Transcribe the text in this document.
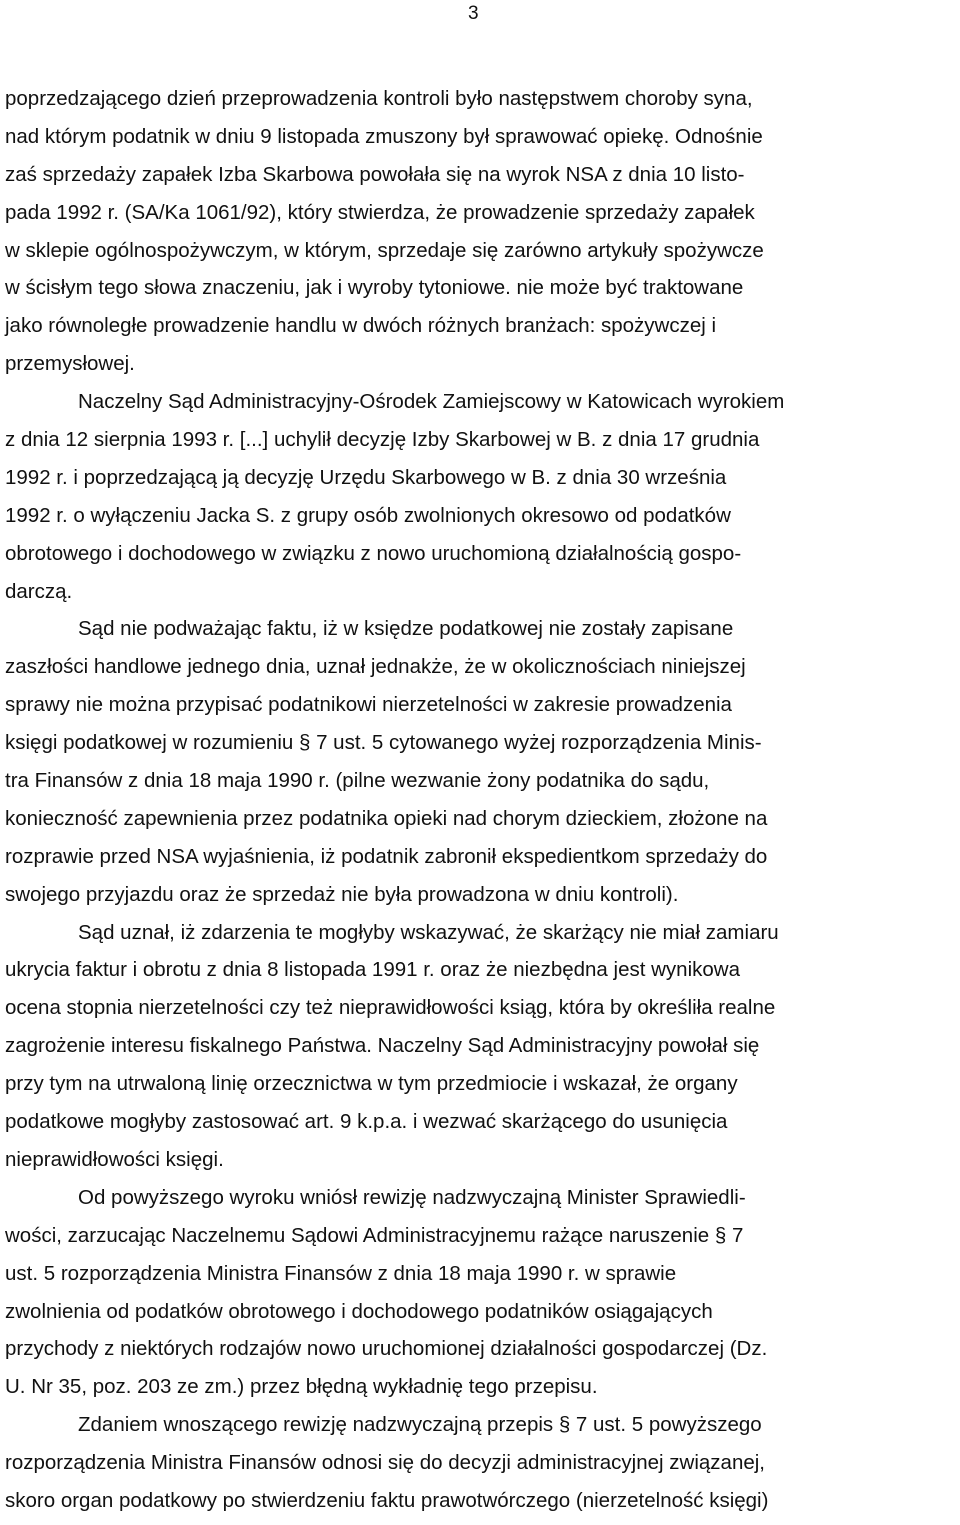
3
poprzedzającego dzień przeprowadzenia kontroli było następstwem choroby syna,
nad którym podatnik w dniu 9 listopada zmuszony był sprawować opiekę. Odnośnie
zaś sprzedaży zapałek Izba Skarbowa powołała się na wyrok NSA z dnia 10 listo-
pada 1992 r. (SA/Ka 1061/92), który stwierdza, że prowadzenie sprzedaży zapałek
w sklepie ogólnospożywczym, w którym, sprzedaje się zarówno artykuły spożywcze
w ścisłym tego słowa znaczeniu, jak i wyroby tytoniowe. nie może być traktowane
jako równoległe prowadzenie handlu w dwóch różnych branżach: spożywczej i
przemysłowej.
Naczelny Sąd Administracyjny-Ośrodek Zamiejscowy w Katowicach wyrokiem
z dnia 12 sierpnia 1993 r. [...] uchylił decyzję Izby Skarbowej w B. z dnia 17 grudnia
1992 r. i poprzedzającą ją decyzję Urzędu Skarbowego w B. z dnia 30 września
1992 r. o wyłączeniu Jacka S. z grupy osób zwolnionych okresowo od podatków
obrotowego i dochodowego w związku z nowo uruchomioną działalnością gospo-
darczą.
Sąd nie podważając faktu, iż w księdze podatkowej nie zostały zapisane
zaszłości handlowe jednego dnia, uznał jednakże, że w okolicznościach niniejszej
sprawy nie można przypisać podatnikowi nierzetelności w zakresie prowadzenia
księgi podatkowej w rozumieniu § 7 ust. 5 cytowanego wyżej rozporządzenia Minis-
tra Finansów z dnia 18 maja 1990 r. (pilne wezwanie żony podatnika do sądu,
konieczność zapewnienia przez podatnika opieki nad chorym dzieckiem, złożone na
rozprawie przed NSA wyjaśnienia, iż podatnik zabronił ekspedientkom sprzedaży do
swojego przyjazdu oraz że sprzedaż nie była prowadzona w dniu kontroli).
Sąd uznał, iż zdarzenia te mogłyby wskazywać, że skarżący nie miał zamiaru
ukrycia faktur i obrotu z dnia 8 listopada 1991 r. oraz że niezbędna jest wynikowa
ocena stopnia nierzetelności czy też nieprawidłowości ksiąg, która by określiła realne
zagrożenie interesu fiskalnego Państwa. Naczelny Sąd Administracyjny powołał się
przy tym na utrwaloną linię orzecznictwa w tym przedmiocie i wskazał, że organy
podatkowe mogłyby zastosować art. 9 k.p.a. i wezwać skarżącego do usunięcia
nieprawidłowości księgi.
Od powyższego wyroku wniósł rewizję nadzwyczajną Minister Sprawiedli-
wości, zarzucając Naczelnemu Sądowi Administracyjnemu rażące naruszenie § 7
ust. 5 rozporządzenia Ministra Finansów z dnia 18 maja 1990 r. w sprawie
zwolnienia od podatków obrotowego i dochodowego podatników osiągających
przychody z niektórych rodzajów nowo uruchomionej działalności gospodarczej (Dz.
U. Nr 35, poz. 203 ze zm.) przez błędną wykładnię tego przepisu.
Zdaniem wnoszącego rewizję nadzwyczajną przepis § 7 ust. 5 powyższego
rozporządzenia Ministra Finansów odnosi się do decyzji administracyjnej związanej,
skoro organ podatkowy po stwierdzeniu faktu prawotwórczego (nierzetelność księgi)
